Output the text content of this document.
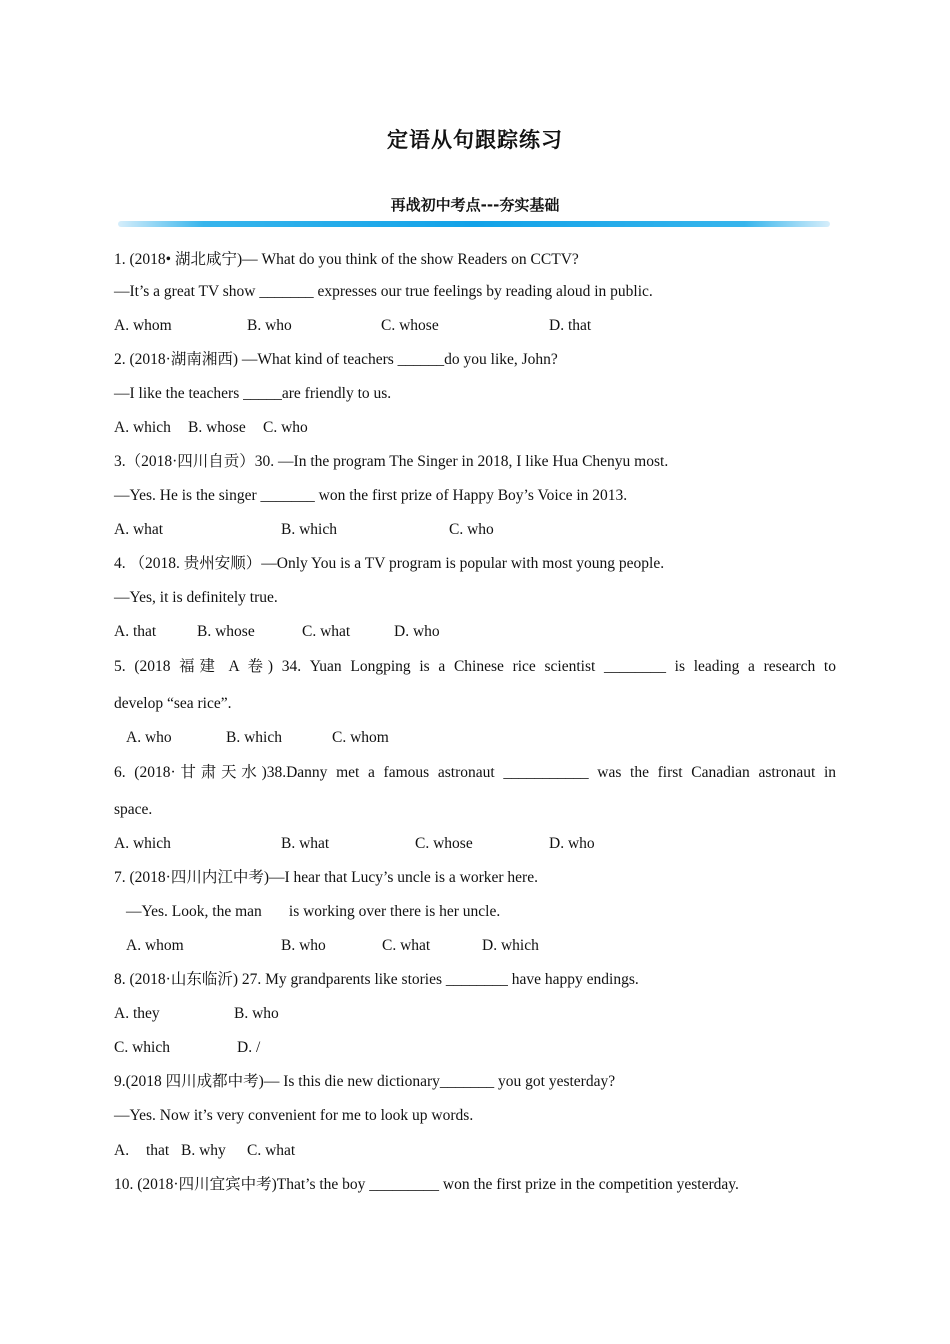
定语从句跟踪练习
再战初中考点---夯实基础
1. (2018• 湖北咸宁)— What do you think of the show Readers on CCTV?
—It’s a great TV show _______ expresses our true feelings by reading aloud in public.
A. whom	B. who	C. whose	D. that
2. (2018·湖南湘西) —What kind of teachers ______do you like, John?
—I like the teachers _____are friendly to us.
A. which	B. whose	C. who
3.（2018·四川自贡）30. —In the program The Singer in 2018, I like Hua Chenyu most.
—Yes. He is the singer _______ won the first prize of Happy Boy’s Voice in 2013.
A. what	B. which	C. who
4. （2018. 贵州安顺）—Only You is a TV program is popular with most young people.
—Yes, it is definitely true.
A. that	B. whose	C. what	D. who
5. (2018 福建 A 卷) 34. Yuan Longping is a Chinese rice scientist ________ is leading a research to
develop “sea rice”.
A. who	B. which	C. whom
6. (2018·甘肃天水)38.Danny met a famous astronaut ___________ was the first Canadian astronaut in
space.
A. which	B. what	C. whose	D. who
7. (2018·四川内江中考)—I hear that Lucy’s uncle is a worker here.
—Yes. Look, the man       is working over there is her uncle.
A. whom	B. who	C. what	D. which
8. (2018·山东临沂) 27. My grandparents like stories ________ have happy endings.
A. they	B. who
C. which	D. /
9.(2018 四川成都中考)— Is this die new dictionary_______ you got yesterday?
—Yes. Now it’s very convenient for me to look up words.
A.	that B. why	C. what
10. (2018·四川宜宾中考)That’s the boy _________ won the first prize in the competition yesterday.
